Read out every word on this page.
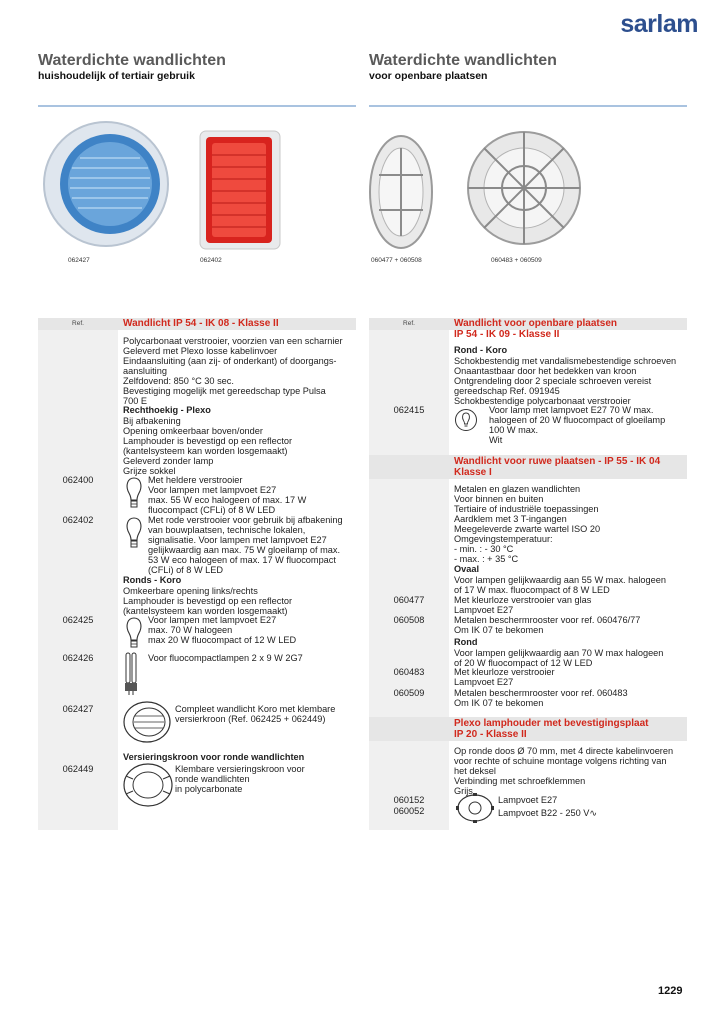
sarlam
Waterdichte wandlichten
huishoudelijk of tertiair gebruik
Waterdichte wandlichten
voor openbare plaatsen
062427	062402	060477 + 060508	060483 + 060509
Ref.	Wandlicht IP 54 - IK 08 - Klasse II
Polycarbonaat verstrooier, voorzien van een scharnier
Geleverd met Plexo losse kabelinvoer
Eindaansluiting (aan zij- of onderkant) of doorgangs-
aansluiting
Zelfdovend: 850 °C 30 sec.
Bevestiging mogelijk met gereedschap type Pulsa
700 E
Rechthoekig - Plexo
Bij afbakening
Opening omkeerbaar boven/onder
Lamphouder is bevestigd op een reflector
(kantelsysteem kan worden losgemaakt)
Geleverd zonder lamp
Grijze sokkel
062400	Met heldere verstrooier
Voor lampen met lampvoet E27
max. 55 W eco halogeen of max. 17 W
fluocompact (CFLi) of 8 W LED
062402	Met rode verstrooier voor gebruik bij afbakening
van bouwplaatsen, technische lokalen,
signalisatie. Voor lampen met lampvoet E27
gelijkwaardig aan max. 75 W gloeilamp of max.
53 W eco halogeen of max. 17 W fluocompact
(CFLi) of 8 W LED
Ronds - Koro
Omkeerbare opening links/rechts
Lamphouder is bevestigd op een reflector
(kantelsysteem kan worden losgemaakt)
062425	Voor lampen met lampvoet E27
max. 70 W halogeen
max 20 W fluocompact of 12 W LED
062426	Voor fluocompactlampen 2 x 9 W 2G7
062427	Compleet wandlicht Koro met klembare
versierkroon (Ref. 062425 + 062449)
Versieringskroon voor ronde wandlichten
062449	Klembare versieringskroon voor
ronde wandlichten
in polycarbonate
Ref.	Wandlicht voor openbare plaatsen
IP 54 - IK 09 - Klasse II
Rond - Koro
Schokbestendig met vandalismebestendige schroeven
Onaantastbaar door het bedekken van kroon
Ontgrendeling door 2 speciale schroeven vereist
gereedschap Ref. 091945
Schokbestendige polycarbonaat verstrooier
062415	Voor lamp met lampvoet E27 70 W max.
halogeen of 20 W fluocompact of gloeilamp
100 W max.
Wit
Wandlicht voor ruwe plaatsen - IP 55 - IK 04
Klasse I
Metalen en glazen wandlichten
Voor binnen en buiten
Tertiaire of industriële toepassingen
Aardklem met 3 T-ingangen
Meegeleverde zwarte wartel ISO 20
Omgevingstemperatuur:
- min. : - 30 °C
- max. : + 35 °C
Ovaal
Voor lampen gelijkwaardig aan 55 W max. halogeen
of 17 W max. fluocompact of 8 W LED
060477	Met kleurloze verstrooier van glas
Lampvoet E27
060508	Metalen beschermrooster voor ref. 060476/77
Om IK 07 te bekomen
Rond
Voor lampen gelijkwaardig aan 70 W max halogeen
of 20 W fluocompact of 12 W LED
060483	Met kleurloze verstrooier
Lampvoet E27
060509	Metalen beschermrooster voor ref. 060483
Om IK 07 te bekomen
Plexo lamphouder met bevestigingsplaat
IP 20 - Klasse II
Op ronde doos Ø 70 mm, met 4 directe kabelinvoeren
voor rechte of schuine montage volgens richting van
het deksel
Verbinding met schroefklemmen
Grijs
060152	Lampvoet E27
060052	Lampvoet B22 - 250 V∿
1229
